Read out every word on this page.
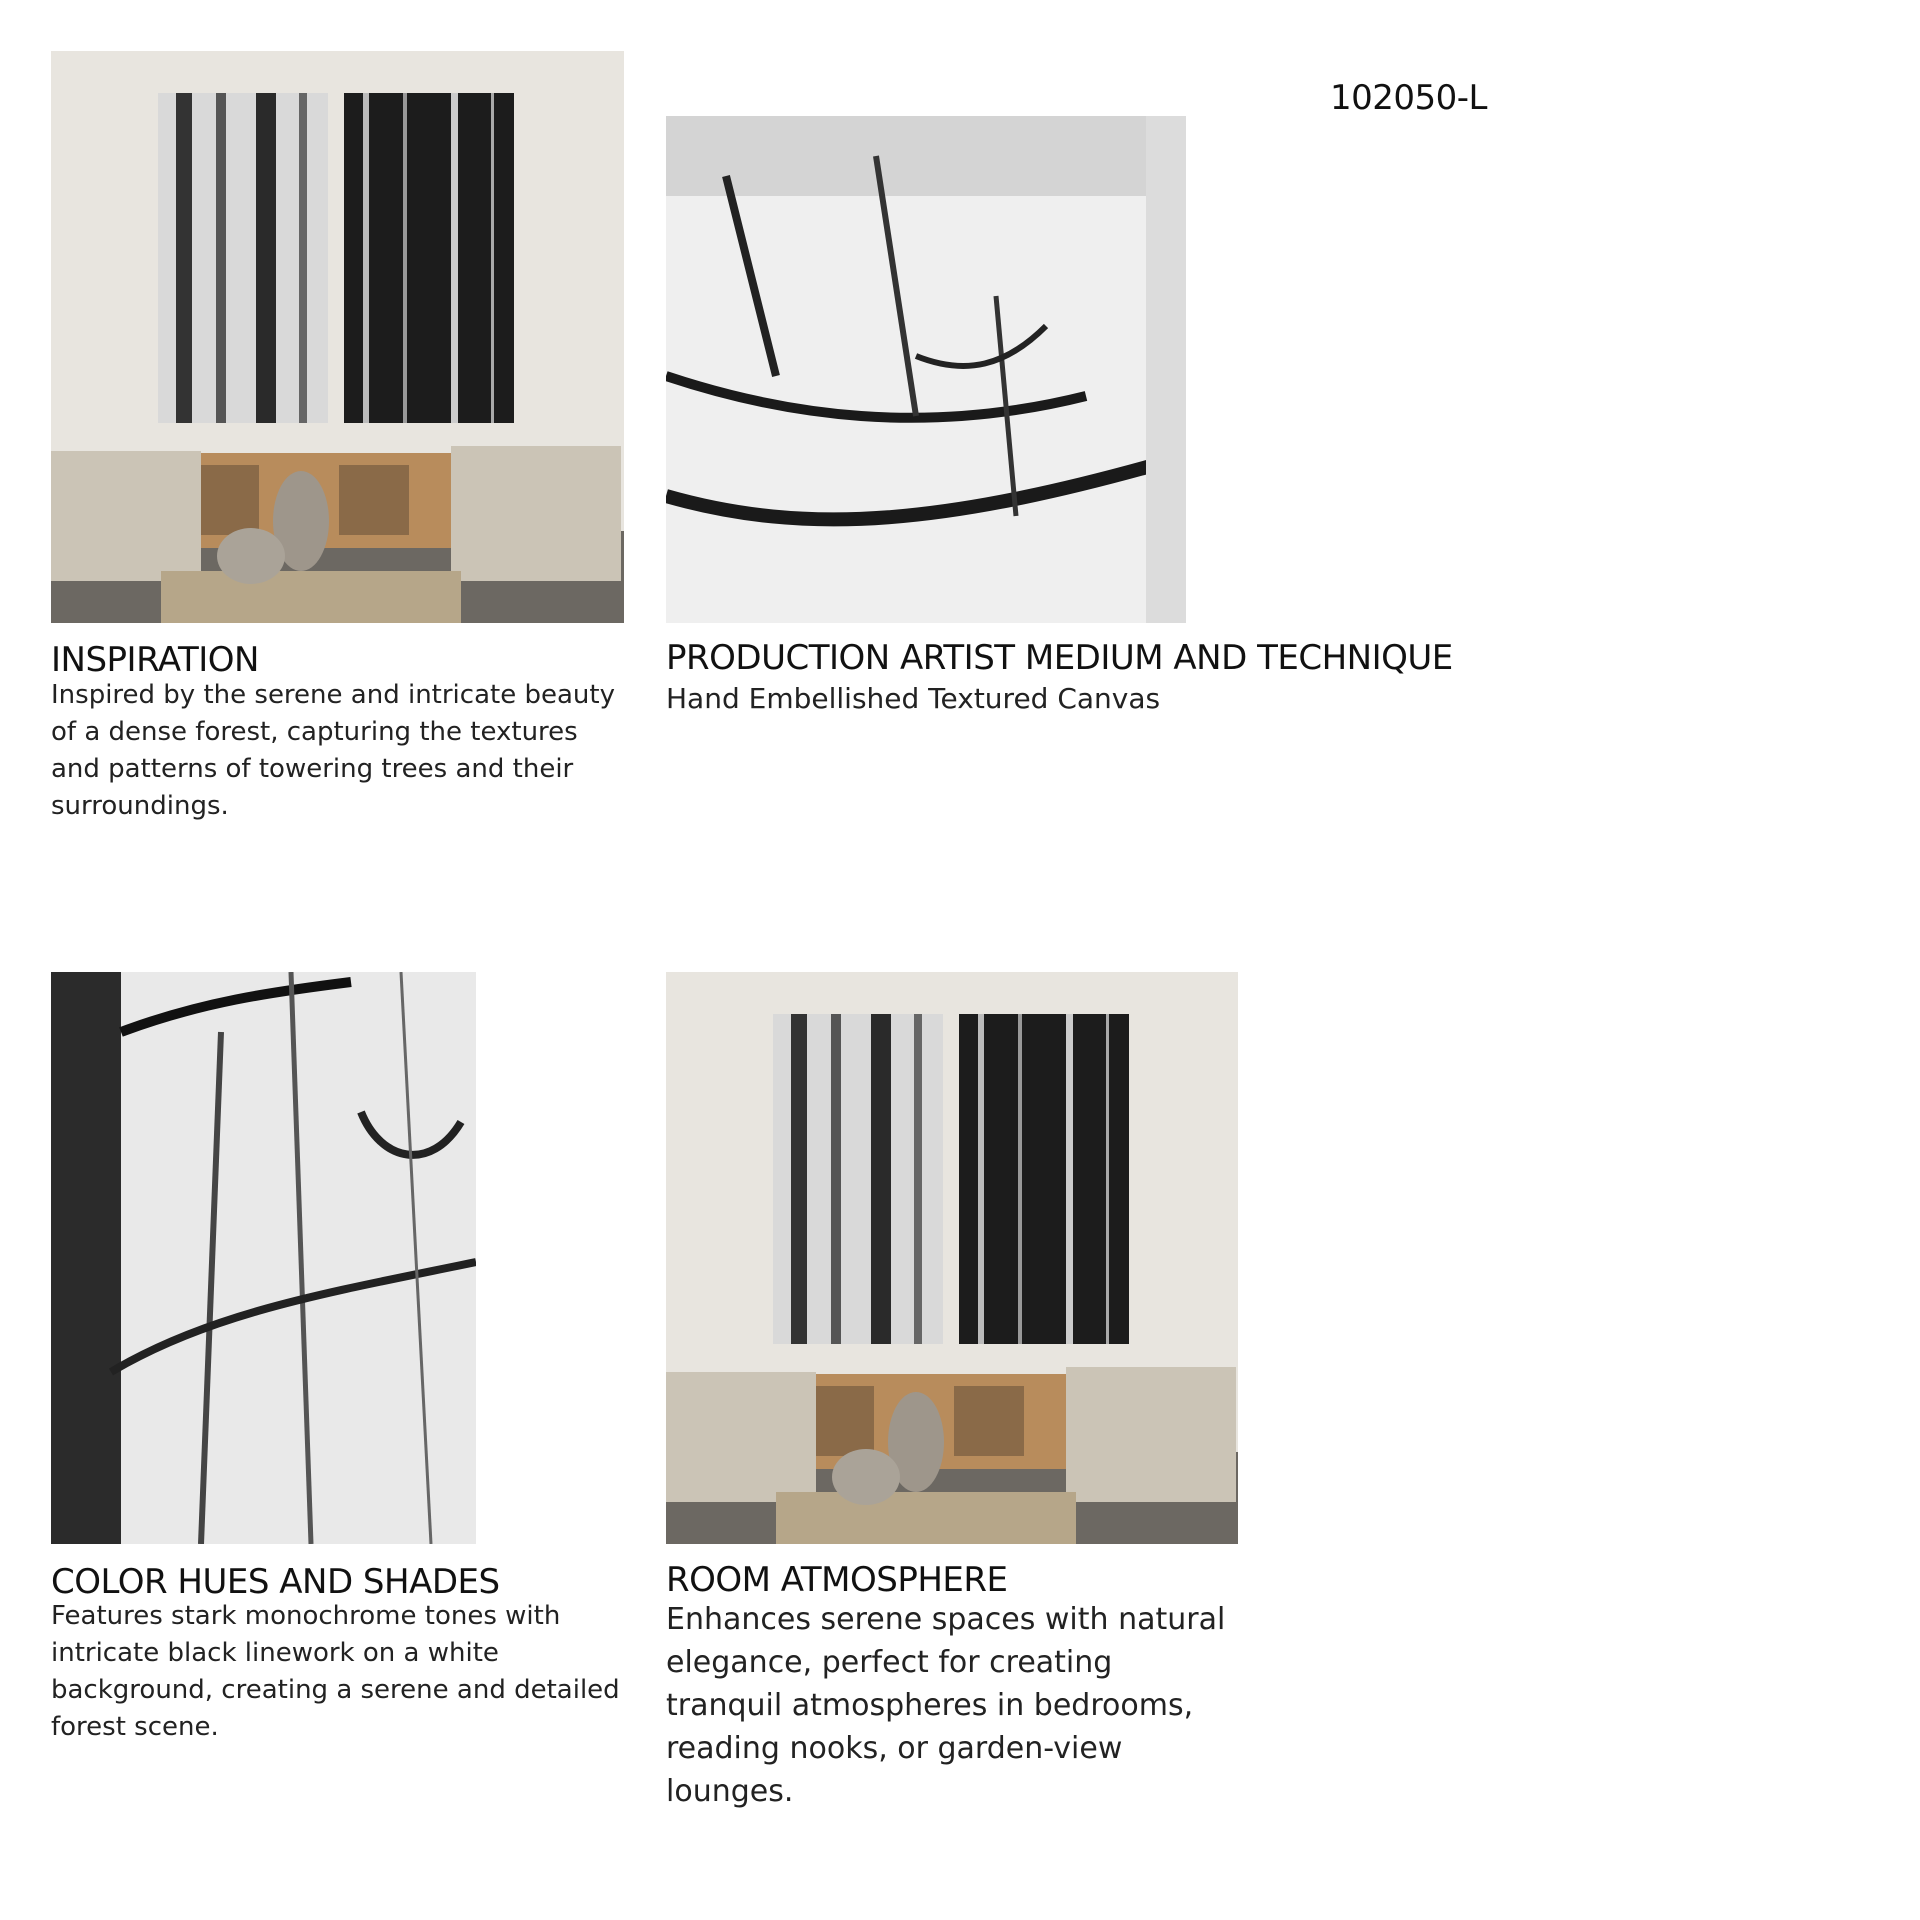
102050-L
INSPIRATION
Inspired by the serene and intricate beauty of a dense forest, capturing the textures and patterns of towering trees and their surroundings.
PRODUCTION ARTIST MEDIUM AND TECHNIQUE
Hand Embellished Textured Canvas
COLOR HUES AND SHADES
Features stark monochrome tones with intricate black linework on a white background, creating a serene and detailed forest scene.
ROOM ATMOSPHERE
Enhances serene spaces with natural elegance, perfect for creating tranquil atmospheres in bedrooms, reading nooks, or garden-view lounges.
